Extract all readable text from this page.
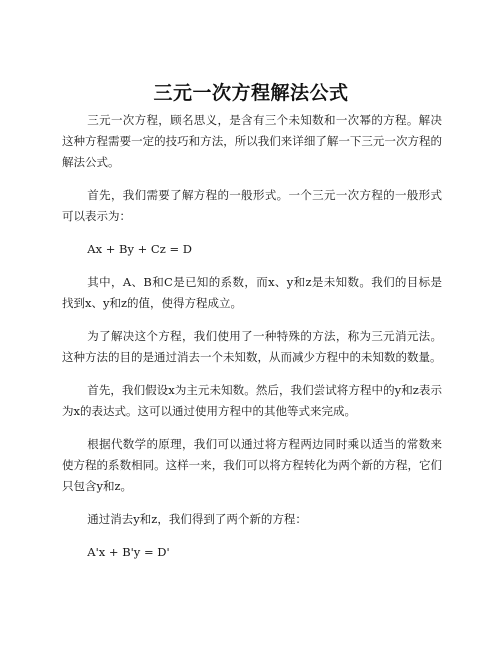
三元一次方程解法公式

三元一次方程，顾名思义，是含有三个未知数和一次幂的方程。解决这种方程需要一定的技巧和方法，所以我们来详细了解一下三元一次方程的解法公式。

首先，我们需要了解方程的一般形式。一个三元一次方程的一般形式可以表示为：

Ax + By + Cz = D

其中，A、B和C是已知的系数，而x、y和z是未知数。我们的目标是找到x、y和z的值，使得方程成立。

为了解决这个方程，我们使用了一种特殊的方法，称为三元消元法。这种方法的目的是通过消去一个未知数，从而减少方程中的未知数的数量。

首先，我们假设x为主元未知数。然后，我们尝试将方程中的y和z表示为x的表达式。这可以通过使用方程中的其他等式来完成。

根据代数学的原理，我们可以通过将方程两边同时乘以适当的常数来使方程的系数相同。这样一来，我们可以将方程转化为两个新的方程，它们只包含y和z。

通过消去y和z，我们得到了两个新的方程：

A'x + B'y = D'
